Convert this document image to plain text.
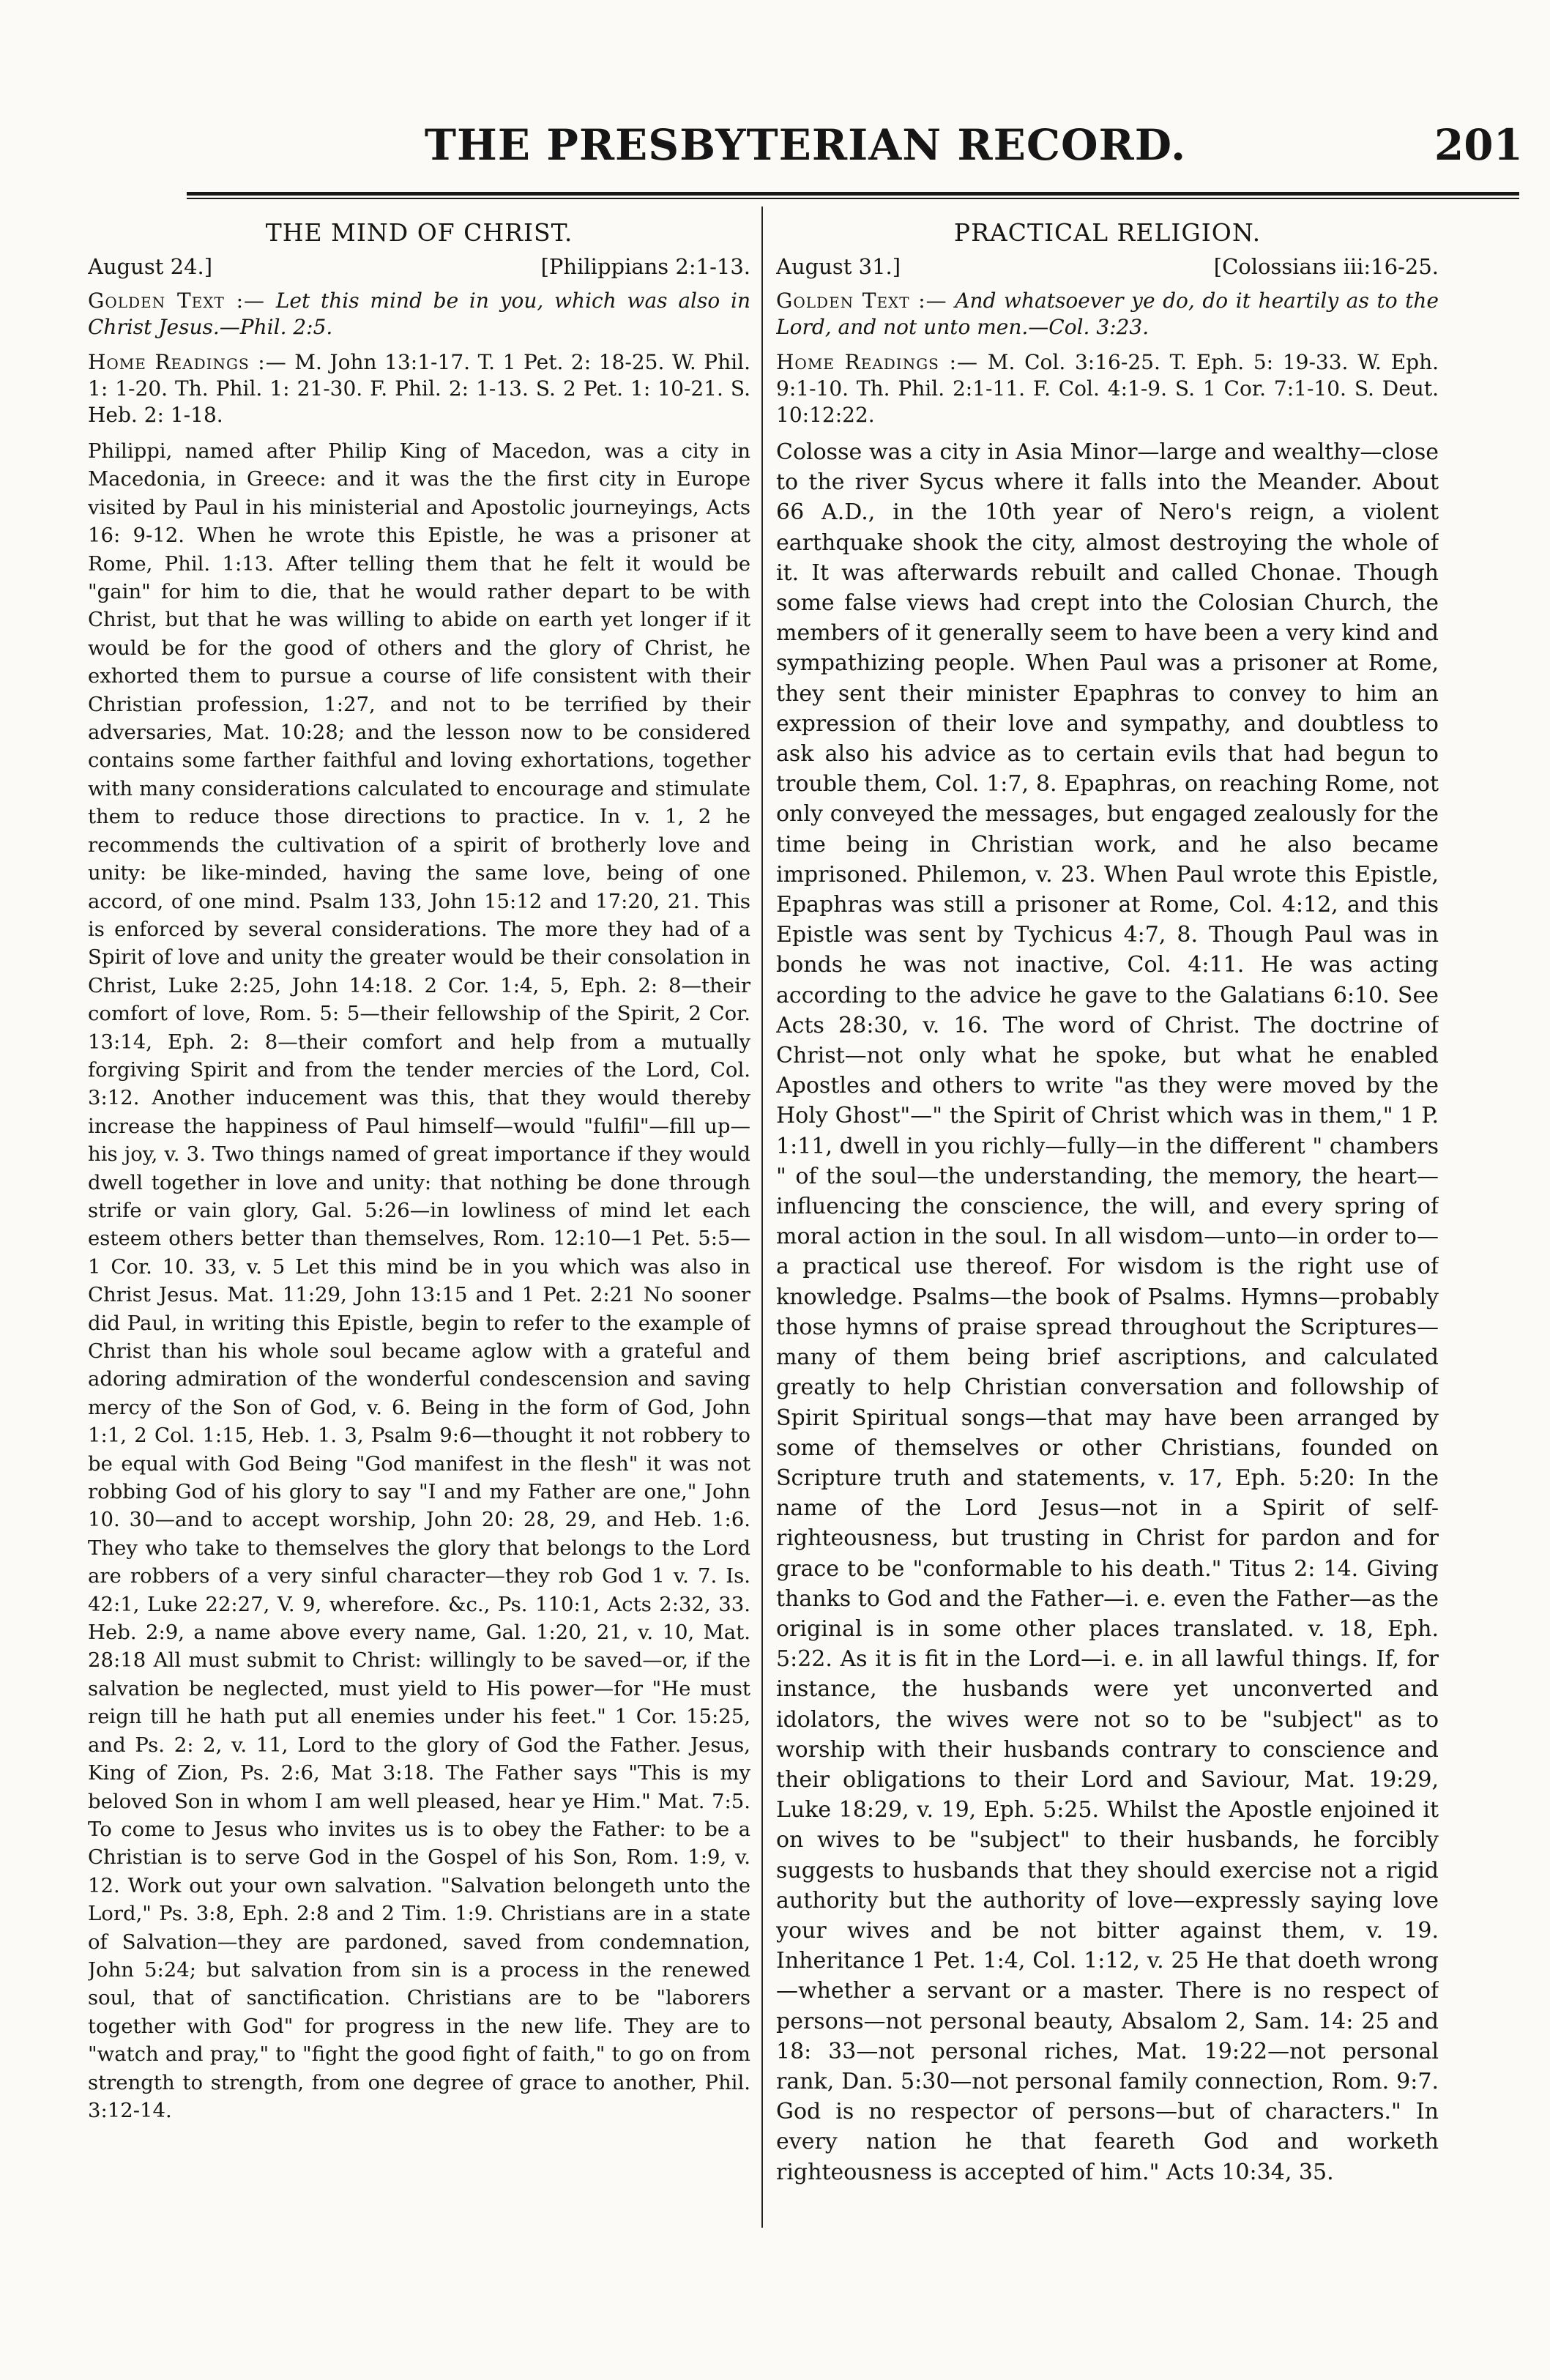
THE PRESBYTERIAN RECORD.	201
THE MIND OF CHRIST.
August 24.]	[Philippians 2:1-13.

Golden Text :— Let this mind be in you, which was also in Christ Jesus.—Phil. 2:5.

Home Readings :— M. John 13:1-17. T. 1 Pet. 2: 18-25. W. Phil. 1: 1-20. Th. Phil. 1: 21-30. F. Phil. 2: 1-13. S. 2 Pet. 1: 10-21. S. Heb. 2: 1-18.

Philippi, named after Philip King of Macedon, was a city in Macedonia, in Greece: and it was the the first city in Europe visited by Paul in his ministerial and Apostolic journeyings, Acts 16: 9-12. When he wrote this Epistle, he was a prisoner at Rome, Phil. 1:13. After telling them that he felt it would be "gain" for him to die, that he would rather depart to be with Christ, but that he was willing to abide on earth yet longer if it would be for the good of others and the glory of Christ, he exhorted them to pursue a course of life consistent with their Christian profession, 1:27, and not to be terrified by their adversaries, Mat. 10:28; and the lesson now to be considered contains some farther faithful and loving exhortations, together with many considerations calculated to encourage and stimulate them to reduce those directions to practice. In v. 1, 2 he recommends the cultivation of a spirit of brotherly love and unity: be like-minded, having the same love, being of one accord, of one mind. Psalm 133, John 15:12 and 17:20, 21. This is enforced by several considerations. The more they had of a Spirit of love and unity the greater would be their consolation in Christ, Luke 2:25, John 14:18. 2 Cor. 1:4, 5, Eph. 2: 8—their comfort of love, Rom. 5: 5—their fellowship of the Spirit, 2 Cor. 13:14, Eph. 2: 8—their comfort and help from a mutually forgiving Spirit and from the tender mercies of the Lord, Col. 3:12. Another inducement was this, that they would thereby increase the happiness of Paul himself—would "fulfil"—fill up—his joy, v. 3. Two things named of great importance if they would dwell together in love and unity: that nothing be done through strife or vain glory, Gal. 5:26—in lowliness of mind let each esteem others better than themselves, Rom. 12:10—1 Pet. 5:5—1 Cor. 10. 33, v. 5 Let this mind be in you which was also in Christ Jesus. Mat. 11:29, John 13:15 and 1 Pet. 2:21 No sooner did Paul, in writing this Epistle, begin to refer to the example of Christ than his whole soul became aglow with a grateful and adoring admiration of the wonderful condescension and saving mercy of the Son of God, v. 6. Being in the form of God, John 1:1, 2 Col. 1:15, Heb. 1. 3, Psalm 9:6—thought it not robbery to be equal with God Being "God manifest in the flesh" it was not robbing God of his glory to say "I and my Father are one," John 10. 30—and to accept worship, John 20: 28, 29, and Heb. 1:6. They who take to themselves the glory that belongs to the Lord are robbers of a very sinful character—they rob God 1 v. 7. Is. 42:1, Luke 22:27, V. 9, wherefore. &c., Ps. 110:1, Acts 2:32, 33. Heb. 2:9, a name above every name, Gal. 1:20, 21, v. 10, Mat. 28:18 All must submit to Christ: willingly to be saved—or, if the salvation be neglected, must yield to His power—for "He must reign till he hath put all enemies under his feet." 1 Cor. 15:25, and Ps. 2: 2, v. 11, Lord to the glory of God the Father. Jesus, King of Zion, Ps. 2:6, Mat 3:18. The Father says "This is my beloved Son in whom I am well pleased, hear ye Him." Mat. 7:5. To come to Jesus who invites us is to obey the Father: to be a Christian is to serve God in the Gospel of his Son, Rom. 1:9, v. 12. Work out your own salvation. "Salvation belongeth unto the Lord," Ps. 3:8, Eph. 2:8 and 2 Tim. 1:9. Christians are in a state of Salvation—they are pardoned, saved from condemnation, John 5:24; but salvation from sin is a process in the renewed soul, that of sanctification. Christians are to be "laborers together with God" for progress in the new life. They are to "watch and pray," to "fight the good fight of faith," to go on from strength to strength, from one degree of grace to another, Phil. 3:12-14.

PRACTICAL RELIGION.
August 31.]	[Colossians iii:16-25.

Golden Text :— And whatsoever ye do, do it heartily as to the Lord, and not unto men.—Col. 3:23.

Home Readings :— M. Col. 3:16-25. T. Eph. 5: 19-33. W. Eph. 9:1-10. Th. Phil. 2:1-11. F. Col. 4:1-9. S. 1 Cor. 7:1-10. S. Deut. 10:12:22.

Colosse was a city in Asia Minor—large and wealthy—close to the river Sycus where it falls into the Meander. About 66 A.D., in the 10th year of Nero's reign, a violent earthquake shook the city, almost destroying the whole of it. It was afterwards rebuilt and called Chonae. Though some false views had crept into the Colosian Church, the members of it generally seem to have been a very kind and sympathizing people. When Paul was a prisoner at Rome, they sent their minister Epaphras to convey to him an expression of their love and sympathy, and doubtless to ask also his advice as to certain evils that had begun to trouble them, Col. 1:7, 8. Epaphras, on reaching Rome, not only conveyed the messages, but engaged zealously for the time being in Christian work, and he also became imprisoned. Philemon, v. 23. When Paul wrote this Epistle, Epaphras was still a prisoner at Rome, Col. 4:12, and this Epistle was sent by Tychicus 4:7, 8. Though Paul was in bonds he was not inactive, Col. 4:11. He was acting according to the advice he gave to the Galatians 6:10. See Acts 28:30, v. 16. The word of Christ. The doctrine of Christ—not only what he spoke, but what he enabled Apostles and others to write "as they were moved by the Holy Ghost"—" the Spirit of Christ which was in them," 1 P. 1:11, dwell in you richly—fully—in the different " chambers " of the soul—the understanding, the memory, the heart—influencing the conscience, the will, and every spring of moral action in the soul. In all wisdom—unto—in order to—a practical use thereof. For wisdom is the right use of knowledge. Psalms—the book of Psalms. Hymns—probably those hymns of praise spread throughout the Scriptures—many of them being brief ascriptions, and calculated greatly to help Christian conversation and followship of Spirit Spiritual songs—that may have been arranged by some of themselves or other Christians, founded on Scripture truth and statements, v. 17, Eph. 5:20: In the name of the Lord Jesus—not in a Spirit of self-righteousness, but trusting in Christ for pardon and for grace to be "conformable to his death." Titus 2: 14. Giving thanks to God and the Father—i. e. even the Father—as the original is in some other places translated. v. 18, Eph. 5:22. As it is fit in the Lord—i. e. in all lawful things. If, for instance, the husbands were yet unconverted and idolators, the wives were not so to be "subject" as to worship with their husbands contrary to conscience and their obligations to their Lord and Saviour, Mat. 19:29, Luke 18:29, v. 19, Eph. 5:25. Whilst the Apostle enjoined it on wives to be "subject" to their husbands, he forcibly suggests to husbands that they should exercise not a rigid authority but the authority of love—expressly saying love your wives and be not bitter against them, v. 19. Inheritance 1 Pet. 1:4, Col. 1:12, v. 25 He that doeth wrong—whether a servant or a master. There is no respect of persons—not personal beauty, Absalom 2, Sam. 14: 25 and 18: 33—not personal riches, Mat. 19:22—not personal rank, Dan. 5:30—not personal family connection, Rom. 9:7. God is no respector of persons—but of characters." In every nation he that feareth God and worketh righteousness is accepted of him." Acts 10:34, 35.
